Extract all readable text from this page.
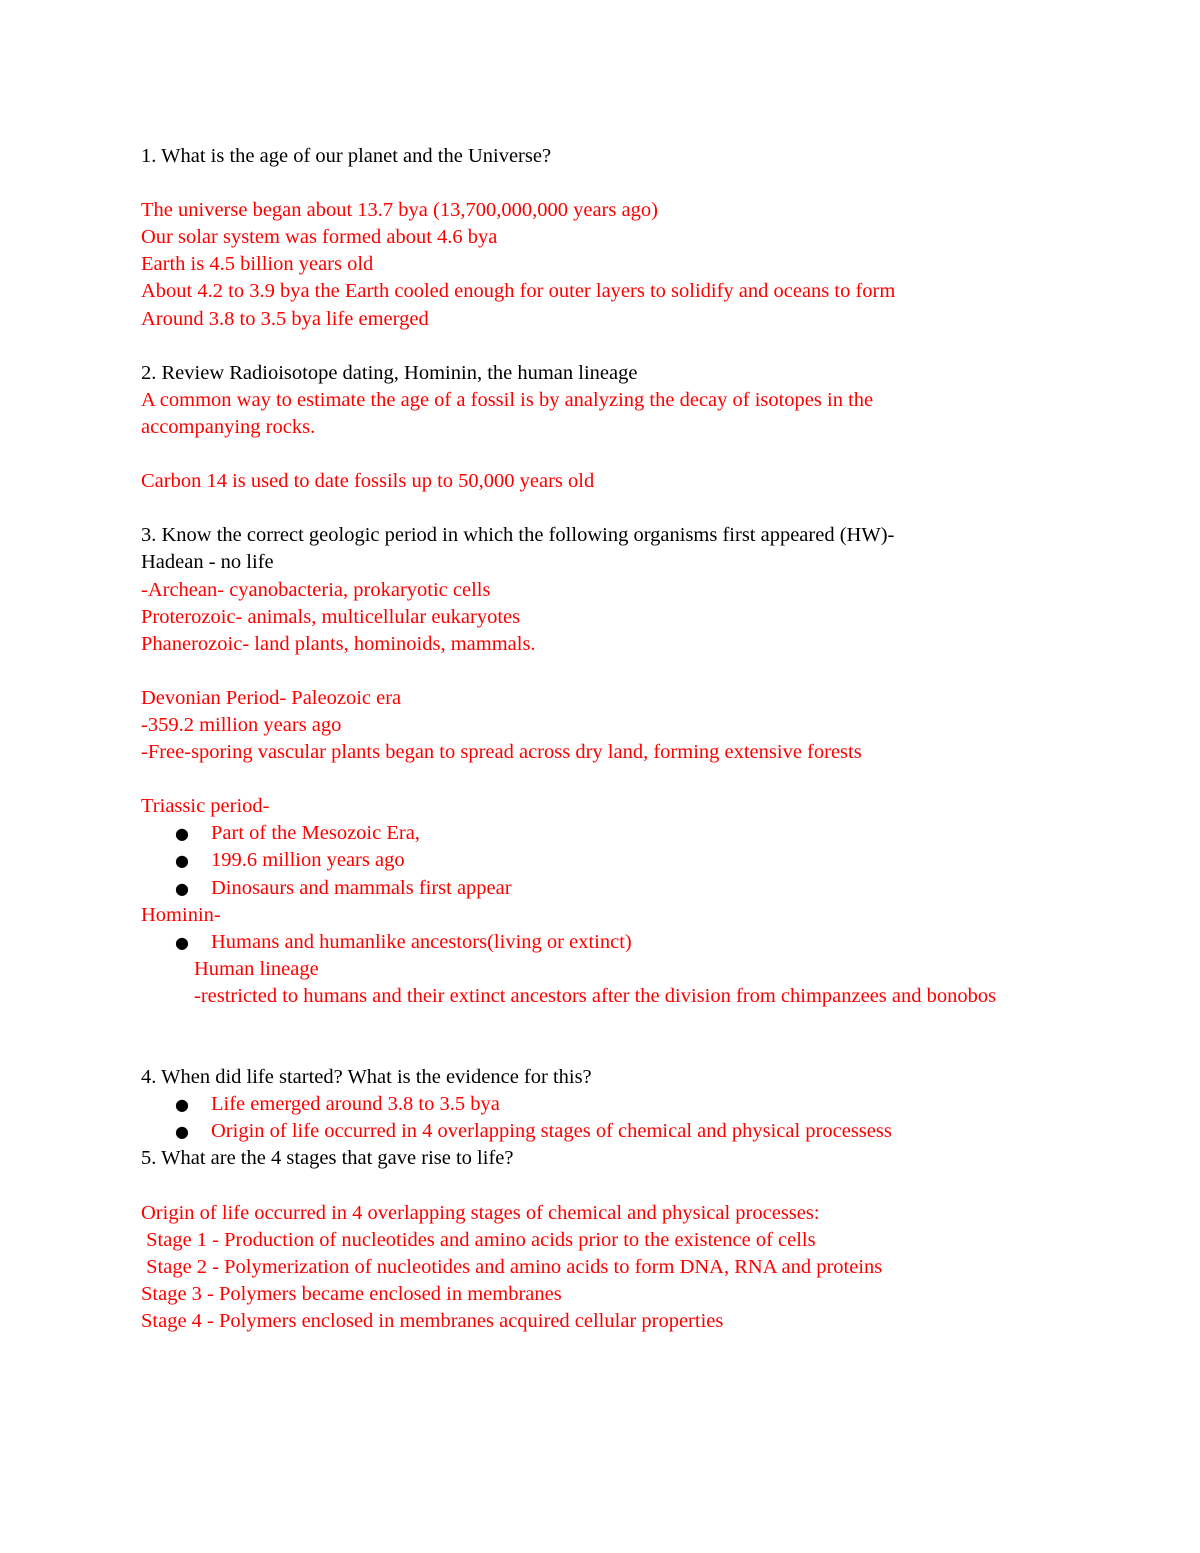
1. What is the age of our planet and the Universe?
The universe began about 13.7 bya (13,700,000,000 years ago)
Our solar system was formed about 4.6 bya
Earth is 4.5 billion years old
About 4.2 to 3.9 bya the Earth cooled enough for outer layers to solidify and oceans to form
Around 3.8 to 3.5 bya life emerged
2. Review Radioisotope dating, Hominin, the human lineage
A common way to estimate the age of a fossil is by analyzing the decay of isotopes in the
accompanying rocks.
Carbon 14 is used to date fossils up to 50,000 years old
3. Know the correct geologic period in which the following organisms first appeared (HW)-
Hadean - no life
-Archean- cyanobacteria, prokaryotic cells
Proterozoic- animals, multicellular eukaryotes
Phanerozoic- land plants, hominoids, mammals.
Devonian Period- Paleozoic era
-359.2 million years ago
-Free-sporing vascular plants began to spread across dry land, forming extensive forests
Triassic period-
● Part of the Mesozoic Era,
● 199.6 million years ago
● Dinosaurs and mammals first appear
Hominin-
● Humans and humanlike ancestors(living or extinct)
Human lineage
-restricted to humans and their extinct ancestors after the division from chimpanzees and bonobos
4. When did life started? What is the evidence for this?
● Life emerged around 3.8 to 3.5 bya
● Origin of life occurred in 4 overlapping stages of chemical and physical processess
5. What are the 4 stages that gave rise to life?
Origin of life occurred in 4 overlapping stages of chemical and physical processes:
Stage 1 - Production of nucleotides and amino acids prior to the existence of cells
Stage 2 - Polymerization of nucleotides and amino acids to form DNA, RNA and proteins
Stage 3 - Polymers became enclosed in membranes
Stage 4 - Polymers enclosed in membranes acquired cellular properties
